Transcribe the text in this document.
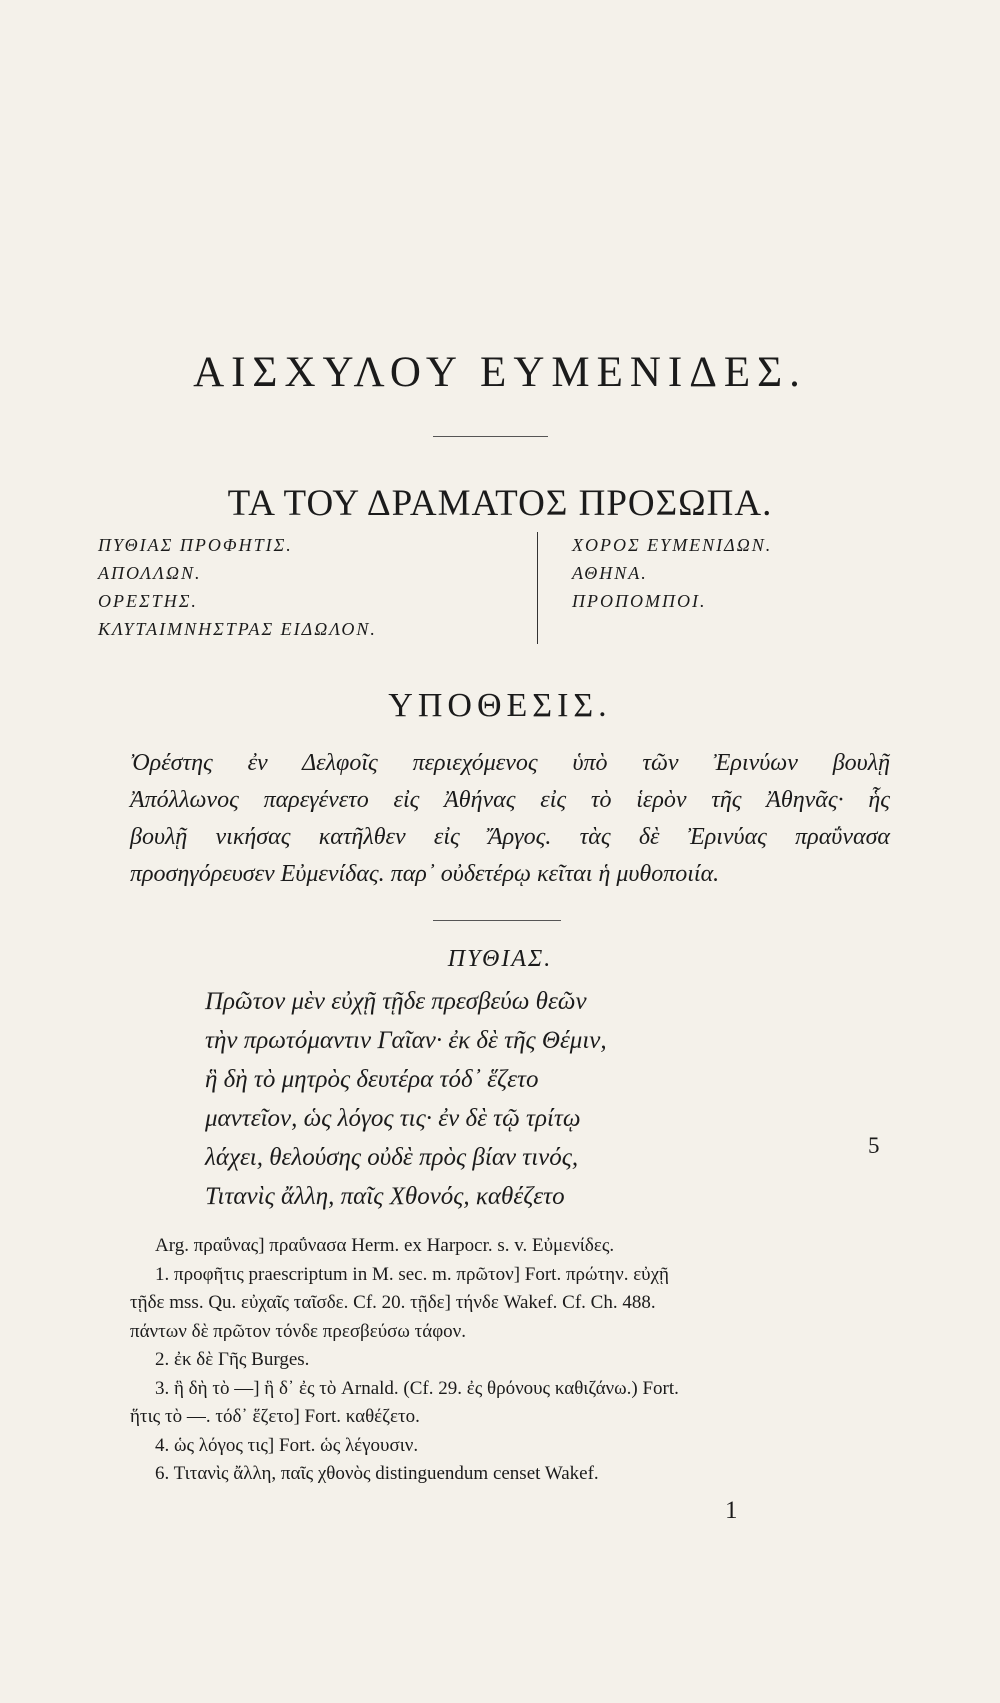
ΑΙΣΧΥΛΟΥ ΕΥΜΕΝΙΔΕΣ.
ΤΑ ΤΟΥ ΔΡΑΜΑΤΟΣ ΠΡΟΣΩΠΑ.
ΠΥΘΙΑΣ ΠΡΟΦΗΤΙΣ.
ΑΠΟΛΛΩΝ.
ΟΡΕΣΤΗΣ.
ΚΛΥΤΑΙΜΝΗΣΤΡΑΣ ΕΙΔΩΛΟΝ.
ΧΟΡΟΣ ΕΥΜΕΝΙΔΩΝ.
ΑΘΗΝΑ.
ΠΡΟΠΟΜΠΟΙ.
ΥΠΟΘΕΣΙΣ.
Ὀρέστης ἐν Δελφοῖς περιεχόμενος ὑπὸ τῶν Ἐρινύων βουλῇ
Ἀπόλλωνος παρεγένετο εἰς Ἀθήνας εἰς τὸ ἱερὸν τῆς Ἀθηνᾶς· ἧς
βουλῇ νικήσας κατῆλθεν εἰς Ἄργος. τὰς δὲ Ἐρινύας πραΰνασα
προσηγόρευσεν Εὐμενίδας. παρ᾽ οὐδετέρῳ κεῖται ἡ μυθοποιία.
ΠΥΘΙΑΣ.
Πρῶτον μὲν εὐχῇ τῇδε πρεσβεύω θεῶν
τὴν πρωτόμαντιν Γαῖαν· ἐκ δὲ τῆς Θέμιν,
ἣ δὴ τὸ μητρὸς δευτέρα τόδ᾽ ἕζετο
μαντεῖον, ὡς λόγος τις· ἐν δὲ τῷ τρίτῳ
λάχει, θελούσης οὐδὲ πρὸς βίαν τινός,
Τιτανὶς ἄλλη, παῖς Χθονός, καθέζετο
5
Arg. πραΰνας] πραΰνασα Herm. ex Harpocr. s. v. Εὐμενίδες.
1. προφῆτις praescriptum in M. sec. m. πρῶτον] Fort. πρώτην. εὐχῇ
τῇδε mss. Qu. εὐχαῖς ταῖσδε. Cf. 20. τῇδε] τήνδε Wakef. Cf. Ch. 488.
πάντων δὲ πρῶτον τόνδε πρεσβεύσω τάφον.
2. ἐκ δὲ Γῆς Burges.
3. ἣ δὴ τὸ —] ἣ δ᾽ ἐς τὸ Arnald. (Cf. 29. ἐς θρόνους καθιζάνω.) Fort.
ἥτις τὸ —. τόδ᾽ ἕζετο] Fort. καθέζετο.
4. ὡς λόγος τις] Fort. ὡς λέγουσιν.
6. Τιτανὶς ἄλλη, παῖς χθονὸς distinguendum censet Wakef.
1
